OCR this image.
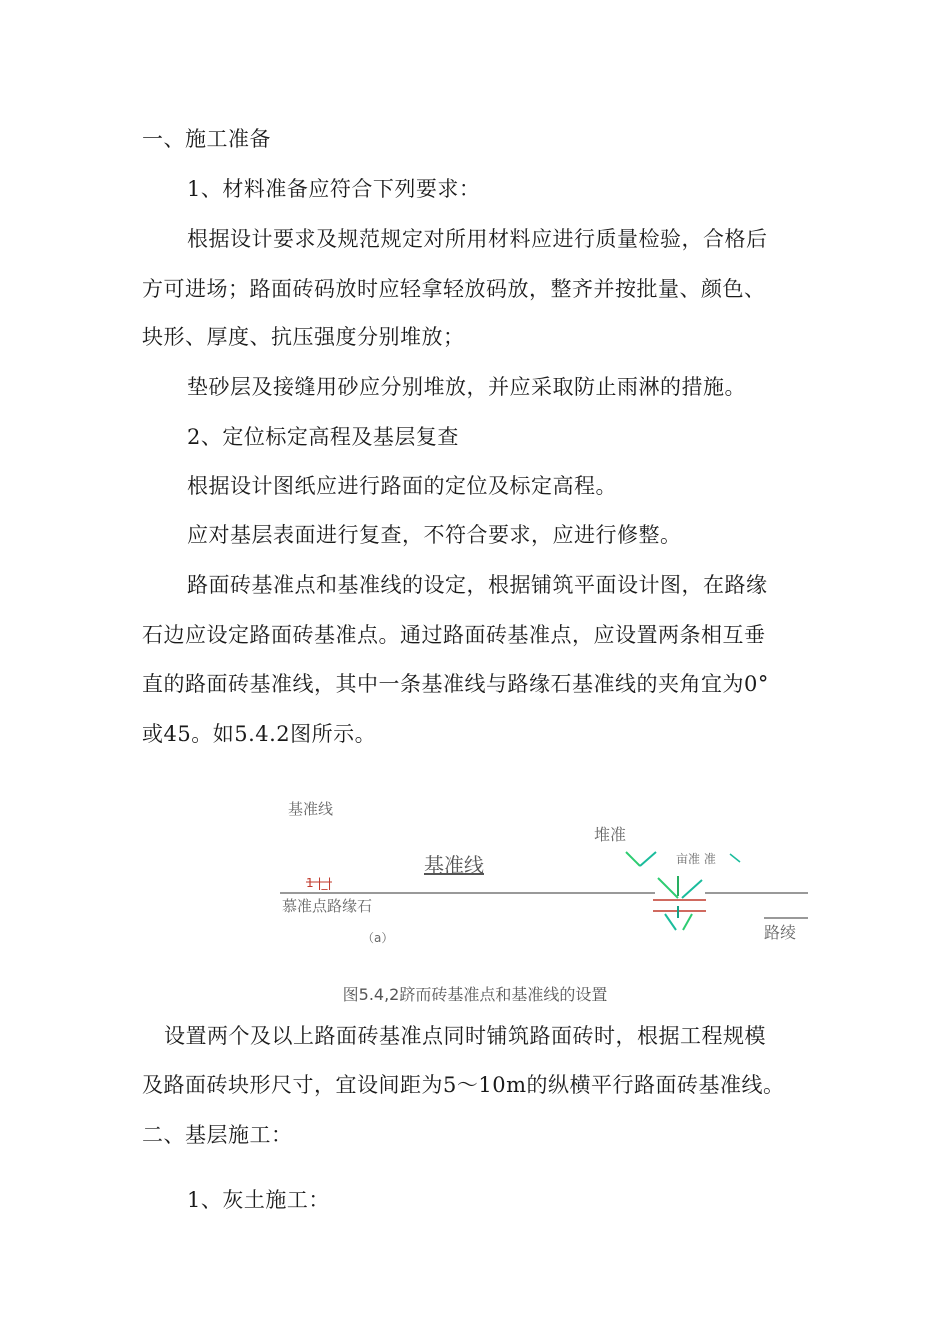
一、施工准备
1、材料准备应符合下列要求：
根据设计要求及规范规定对所用材料应进行质量检验，合格后
方可进场；路面砖码放时应轻拿轻放码放，整齐并按批量、颜色、
块形、厚度、抗压强度分别堆放；
垫砂层及接缝用砂应分别堆放，并应采取防止雨淋的措施。
2、定位标定高程及基层复查
根据设计图纸应进行路面的定位及标定高程。
应对基层表面进行复查，不符合要求，应进行修整。
路面砖基准点和基准线的设定，根据铺筑平面设计图，在路缘
石边应设定路面砖基准点。通过路面砖基准点，应设置两条相互垂
直的路面砖基准线，其中一条基准线与路缘石基准线的夹角宜为0°
或45。如5.4.2图所示。
基准线
基准线
1 |_|
慕准点路缘石
（a）
堆准
亩准 准
路绫
图5.4,2跻而砖基准点和基准线的设置
设置两个及以上路面砖基准点同时铺筑路面砖时，根据工程规模
及路面砖块形尺寸，宜设间距为5〜10m的纵横平行路面砖基准线。
二、基层施工：
1、灰土施工：
